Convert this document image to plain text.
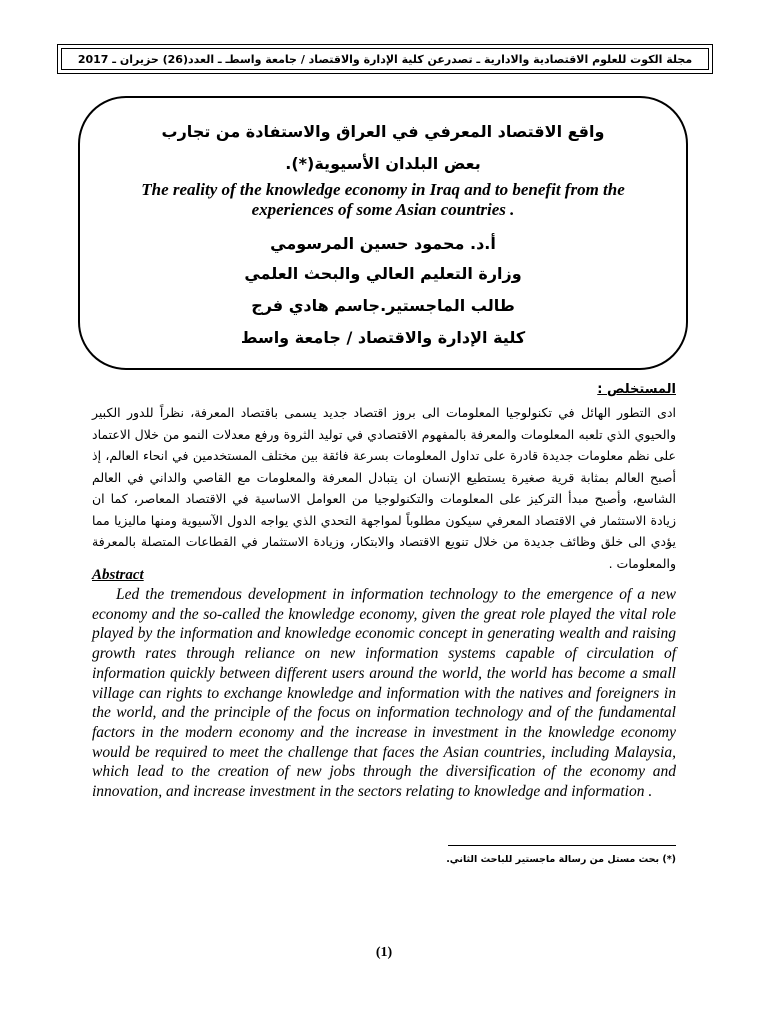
مجلة الكوت للعلوم الاقتصادية والادارية ـ تصدرعن كلية الإدارة والاقتصاد / جامعة واسطـ ـ العدد(26) حزيران ـ 2017
واقع الاقتصاد المعرفي في العراق والاستفادة من تجارب
بعض البلدان الأسيوية(*).
The reality of the knowledge economy in Iraq and to benefit from the experiences of some Asian countries .
أ.د. محمود حسين المرسومي
وزارة التعليم العالي والبحث العلمي
طالب الماجستير.جاسم هادي فرج
كلية الإدارة والاقتصاد / جامعة واسط
المستخلص :

ادى التطور الهائل في تكنولوجيا المعلومات الى بروز اقتصاد جديد يسمى باقتصاد المعرفة، نظراً للدور الكبير والحيوي الذي تلعبه المعلومات والمعرفة بالمفهوم الاقتصادي في توليد الثروة ورفع معدلات النمو من خلال الاعتماد على نظم معلومات جديدة قادرة على تداول المعلومات بسرعة فائقة بين مختلف المستخدمين في انحاء العالم، إذ أصبح العالم بمثابة قرية صغيرة يستطيع الإنسان ان يتبادل المعرفة والمعلومات مع القاصي والداني في العالم الشاسع، وأصبح مبدأ التركيز على المعلومات والتكنولوجيا من العوامل الاساسية في الاقتصاد المعاصر، كما ان زيادة الاستثمار في الاقتصاد المعرفي سيكون مطلوباً لمواجهة التحدي الذي يواجه الدول الآسيوية ومنها ماليزيا مما يؤدي الى خلق وظائف جديدة من خلال تنويع الاقتصاد والابتكار، وزيادة الاستثمار في القطاعات المتصلة بالمعرفة والمعلومات .

Abstract

Led the tremendous development in information technology to the emergence of a new economy and the so-called the knowledge economy, given the great role played the vital role played by the information and knowledge economic concept in generating wealth and raising growth rates through reliance on new information systems capable of circulation of information quickly between different users around the world, the world has become a small village can rights to exchange knowledge and information with the natives and foreigners in the world, and the principle of the focus on information technology and of the fundamental factors in the modern economy and the increase in investment in the knowledge economy would be required to meet the challenge that faces the Asian countries, including Malaysia, which lead to the creation of new jobs through the diversification of the economy and innovation, and increase investment in the sectors relating to knowledge and information .

(*) بحث مستل من رسالة ماجستير للباحث الثاني.
(1)
